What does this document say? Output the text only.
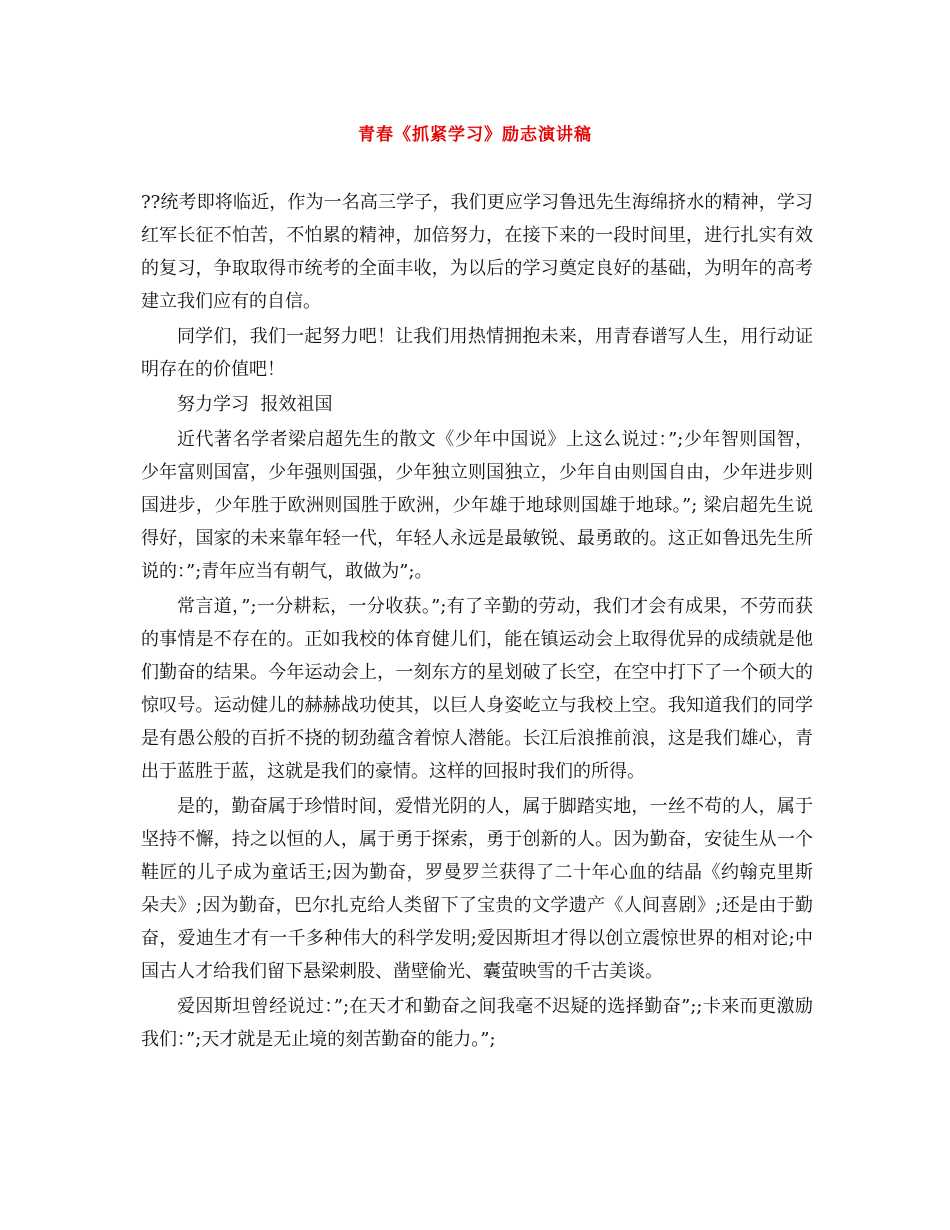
青春《抓紧学习》励志演讲稿

??统考即将临近，作为一名高三学子，我们更应学习鲁迅先生海绵挤水的精神，学习红军长征不怕苦，不怕累的精神，加倍努力，在接下来的一段时间里，进行扎实有效的复习，争取取得市统考的全面丰收，为以后的学习奠定良好的基础，为明年的高考建立我们应有的自信。

同学们，我们一起努力吧！让我们用热情拥抱未来，用青春谱写人生，用行动证明存在的价值吧！

努力学习  报效祖国

近代著名学者梁启超先生的散文《少年中国说》上这么说过：”;少年智则国智，少年富则国富，少年强则国强，少年独立则国独立，少年自由则国自由，少年进步则国进步，少年胜于欧洲则国胜于欧洲，少年雄于地球则国雄于地球。”; 梁启超先生说得好，国家的未来靠年轻一代，年轻人永远是最敏锐、最勇敢的。这正如鲁迅先生所说的：”;青年应当有朝气，敢做为”;。

常言道，”;一分耕耘，一分收获。”;有了辛勤的劳动，我们才会有成果，不劳而获的事情是不存在的。正如我校的体育健儿们，能在镇运动会上取得优异的成绩就是他们勤奋的结果。今年运动会上，一刻东方的星划破了长空，在空中打下了一个硕大的惊叹号。运动健儿的赫赫战功使其，以巨人身姿屹立与我校上空。我知道我们的同学是有愚公般的百折不挠的韧劲蕴含着惊人潜能。长江后浪推前浪，这是我们雄心，青出于蓝胜于蓝，这就是我们的豪情。这样的回报时我们的所得。

是的，勤奋属于珍惜时间，爱惜光阴的人，属于脚踏实地，一丝不苟的人，属于坚持不懈，持之以恒的人，属于勇于探索，勇于创新的人。因为勤奋，安徒生从一个鞋匠的儿子成为童话王;因为勤奋，罗曼罗兰获得了二十年心血的结晶《约翰克里斯朵夫》;因为勤奋，巴尔扎克给人类留下了宝贵的文学遗产《人间喜剧》;还是由于勤奋，爱迪生才有一千多种伟大的科学发明;爱因斯坦才得以创立震惊世界的相对论;中国古人才给我们留下悬梁刺股、凿壁偷光、囊萤映雪的千古美谈。

爱因斯坦曾经说过：”;在天才和勤奋之间我毫不迟疑的选择勤奋”;;卡来而更激励我们：”;天才就是无止境的刻苦勤奋的能力。”;
